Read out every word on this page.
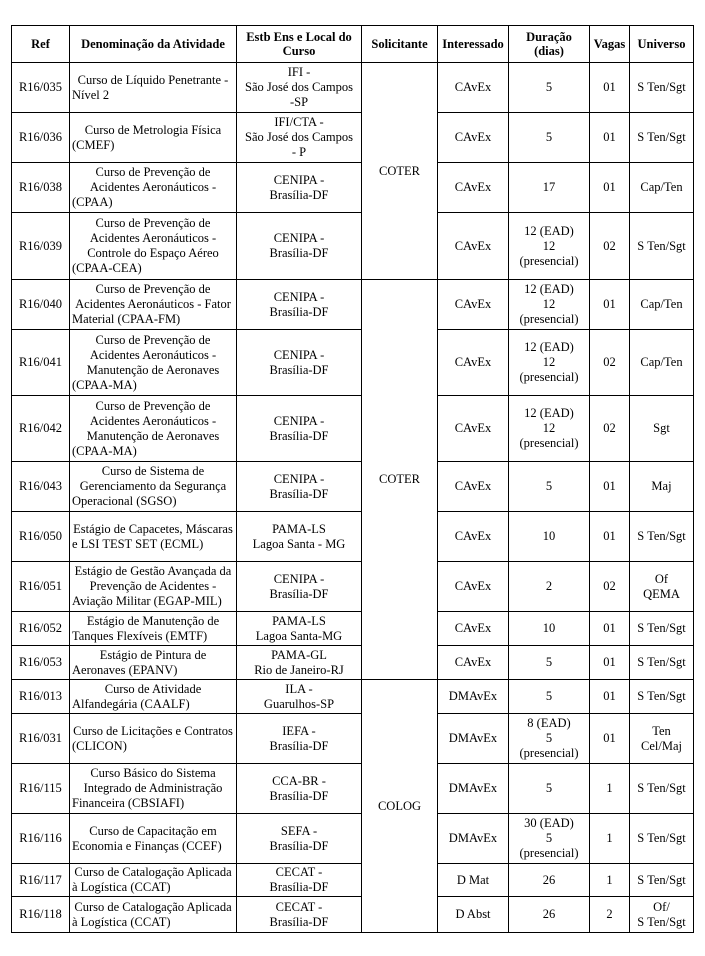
Ref	Denominação da Atividade	Estb Ens e Local do Curso	Solicitante	Interessado	Duração (dias)	Vagas	Universo
R16/035	Curso de Líquido Penetrante - Nível 2	IFI -
São José dos Campos
-SP	COTER	CAvEx	5	01	S Ten/Sgt
R16/036	Curso de Metrologia Física (CMEF)	IFI/CTA -
São José dos Campos
- P		CAvEx	5	01	S Ten/Sgt
R16/038	Curso de Prevenção de Acidentes Aeronáuticos - (CPAA)	CENIPA -
Brasília-DF		CAvEx	17	01	Cap/Ten
R16/039	Curso de Prevenção de Acidentes Aeronáuticos - Controle do Espaço Aéreo (CPAA-CEA)	CENIPA -
Brasília-DF		CAvEx	12 (EAD)
12
(presencial)	02	S Ten/Sgt
R16/040	Curso de Prevenção de Acidentes Aeronáuticos - Fator Material (CPAA-FM)	CENIPA -
Brasília-DF	COTER	CAvEx	12 (EAD)
12
(presencial)	01	Cap/Ten
R16/041	Curso de Prevenção de Acidentes Aeronáuticos - Manutenção de Aeronaves (CPAA-MA)	CENIPA -
Brasília-DF		CAvEx	12 (EAD)
12
(presencial)	02	Cap/Ten
R16/042	Curso de Prevenção de Acidentes Aeronáuticos - Manutenção de Aeronaves (CPAA-MA)	CENIPA -
Brasília-DF		CAvEx	12 (EAD)
12
(presencial)	02	Sgt
R16/043	Curso de Sistema de Gerenciamento da Segurança Operacional (SGSO)	CENIPA -
Brasília-DF		CAvEx	5	01	Maj
R16/050	Estágio de Capacetes, Máscaras e LSI TEST SET (ECML)	PAMA-LS
Lagoa Santa - MG		CAvEx	10	01	S Ten/Sgt
R16/051	Estágio de Gestão Avançada da Prevenção de Acidentes - Aviação Militar (EGAP-MIL)	CENIPA -
Brasília-DF		CAvEx	2	02	Of
QEMA
R16/052	Estágio de Manutenção de Tanques Flexíveis (EMTF)	PAMA-LS
Lagoa Santa-MG		CAvEx	10	01	S Ten/Sgt
R16/053	Estágio de Pintura de Aeronaves (EPANV)	PAMA-GL
Rio de Janeiro-RJ		CAvEx	5	01	S Ten/Sgt
R16/013	Curso de Atividade Alfandegária (CAALF)	ILA -
Guarulhos-SP	COLOG	DMAvEx	5	01	S Ten/Sgt
R16/031	Curso de Licitações e Contratos (CLICON)	IEFA -
Brasília-DF		DMAvEx	8 (EAD)
5
(presencial)	01	Ten
Cel/Maj
R16/115	Curso Básico do Sistema Integrado de Administração Financeira (CBSIAFI)	CCA-BR -
Brasília-DF		DMAvEx	5	1	S Ten/Sgt
R16/116	Curso de Capacitação em Economia e Finanças (CCEF)	SEFA -
Brasília-DF		DMAvEx	30 (EAD)
5
(presencial)	1	S Ten/Sgt
R16/117	Curso de Catalogação Aplicada à Logística (CCAT)	CECAT -
Brasília-DF		D Mat	26	1	S Ten/Sgt
R16/118	Curso de Catalogação Aplicada à Logística (CCAT)	CECAT -
Brasília-DF		D Abst	26	2	Of/
S Ten/Sgt
